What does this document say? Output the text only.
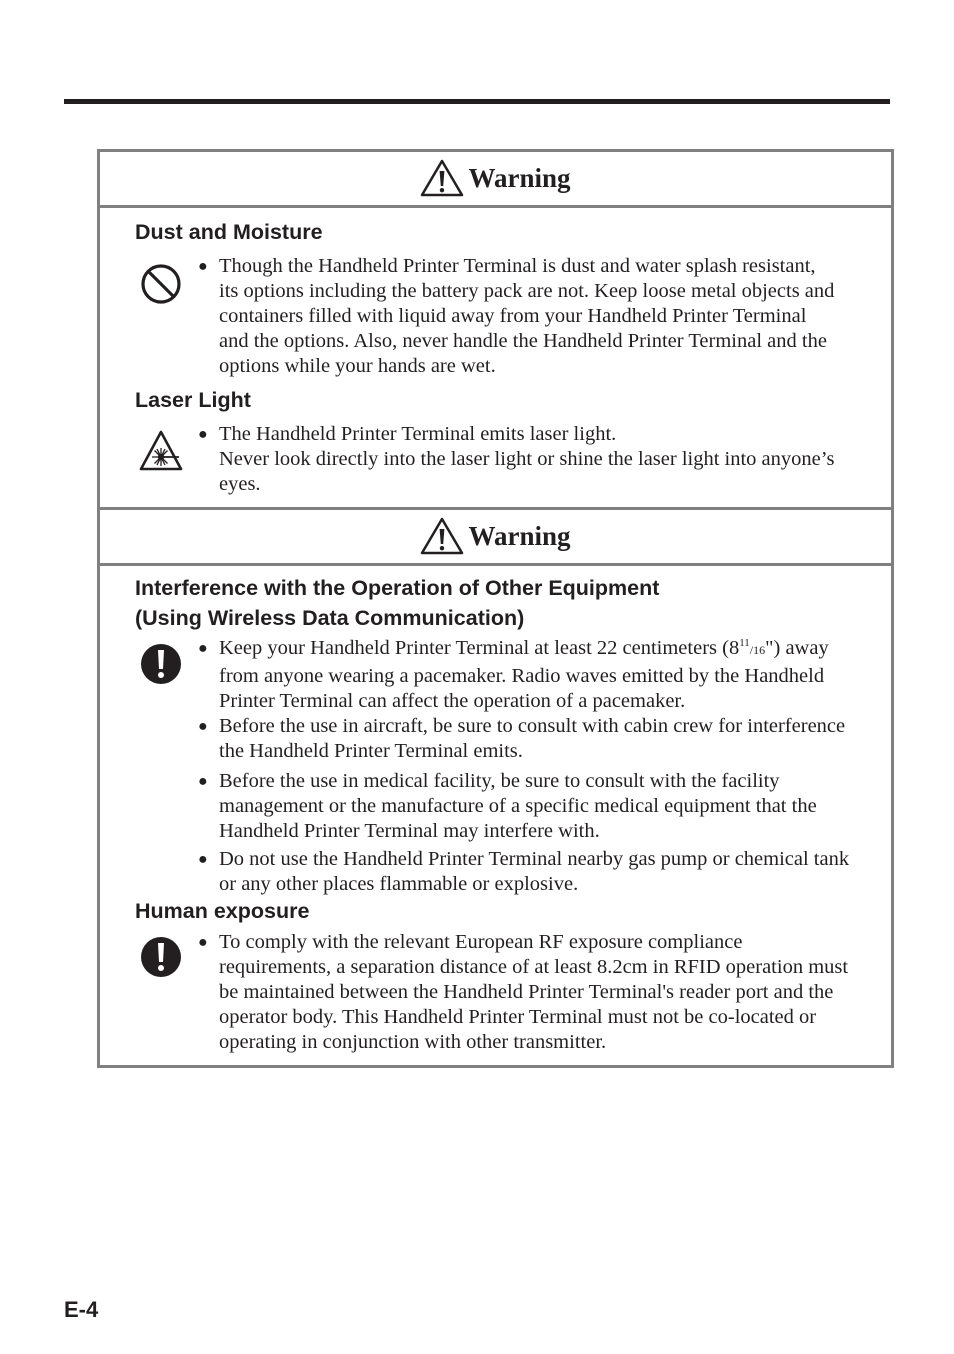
Warning
Dust and Moisture
● Though the Handheld Printer Terminal is dust and water splash resistant,
its options including the battery pack are not. Keep loose metal objects and
containers filled with liquid away from your Handheld Printer Terminal
and the options. Also, never handle the Handheld Printer Terminal and the
options while your hands are wet.
Laser Light
● The Handheld Printer Terminal emits laser light.
Never look directly into the laser light or shine the laser light into anyone’s
eyes.
Warning
Interference with the Operation of Other Equipment
(Using Wireless Data Communication)
● Keep your Handheld Printer Terminal at least 22 centimeters $(8^{11}/16")$ away
from anyone wearing a pacemaker. Radio waves emitted by the Handheld
Printer Terminal can affect the operation of a pacemaker.
● Before the use in aircraft, be sure to consult with cabin crew for interference
the Handheld Printer Terminal emits.
● Before the use in medical facility, be sure to consult with the facility
management or the manufacture of a specific medical equipment that the
Handheld Printer Terminal may interfere with.
● Do not use the Handheld Printer Terminal nearby gas pump or chemical tank
or any other places flammable or explosive.
Human exposure
● To comply with the relevant European RF exposure compliance
requirements, a separation distance of at least 8.2cm in RFID operation must
be maintained between the Handheld Printer Terminal's reader port and the
operator body. This Handheld Printer Terminal must not be co-located or
operating in conjunction with other transmitter.
E-4
